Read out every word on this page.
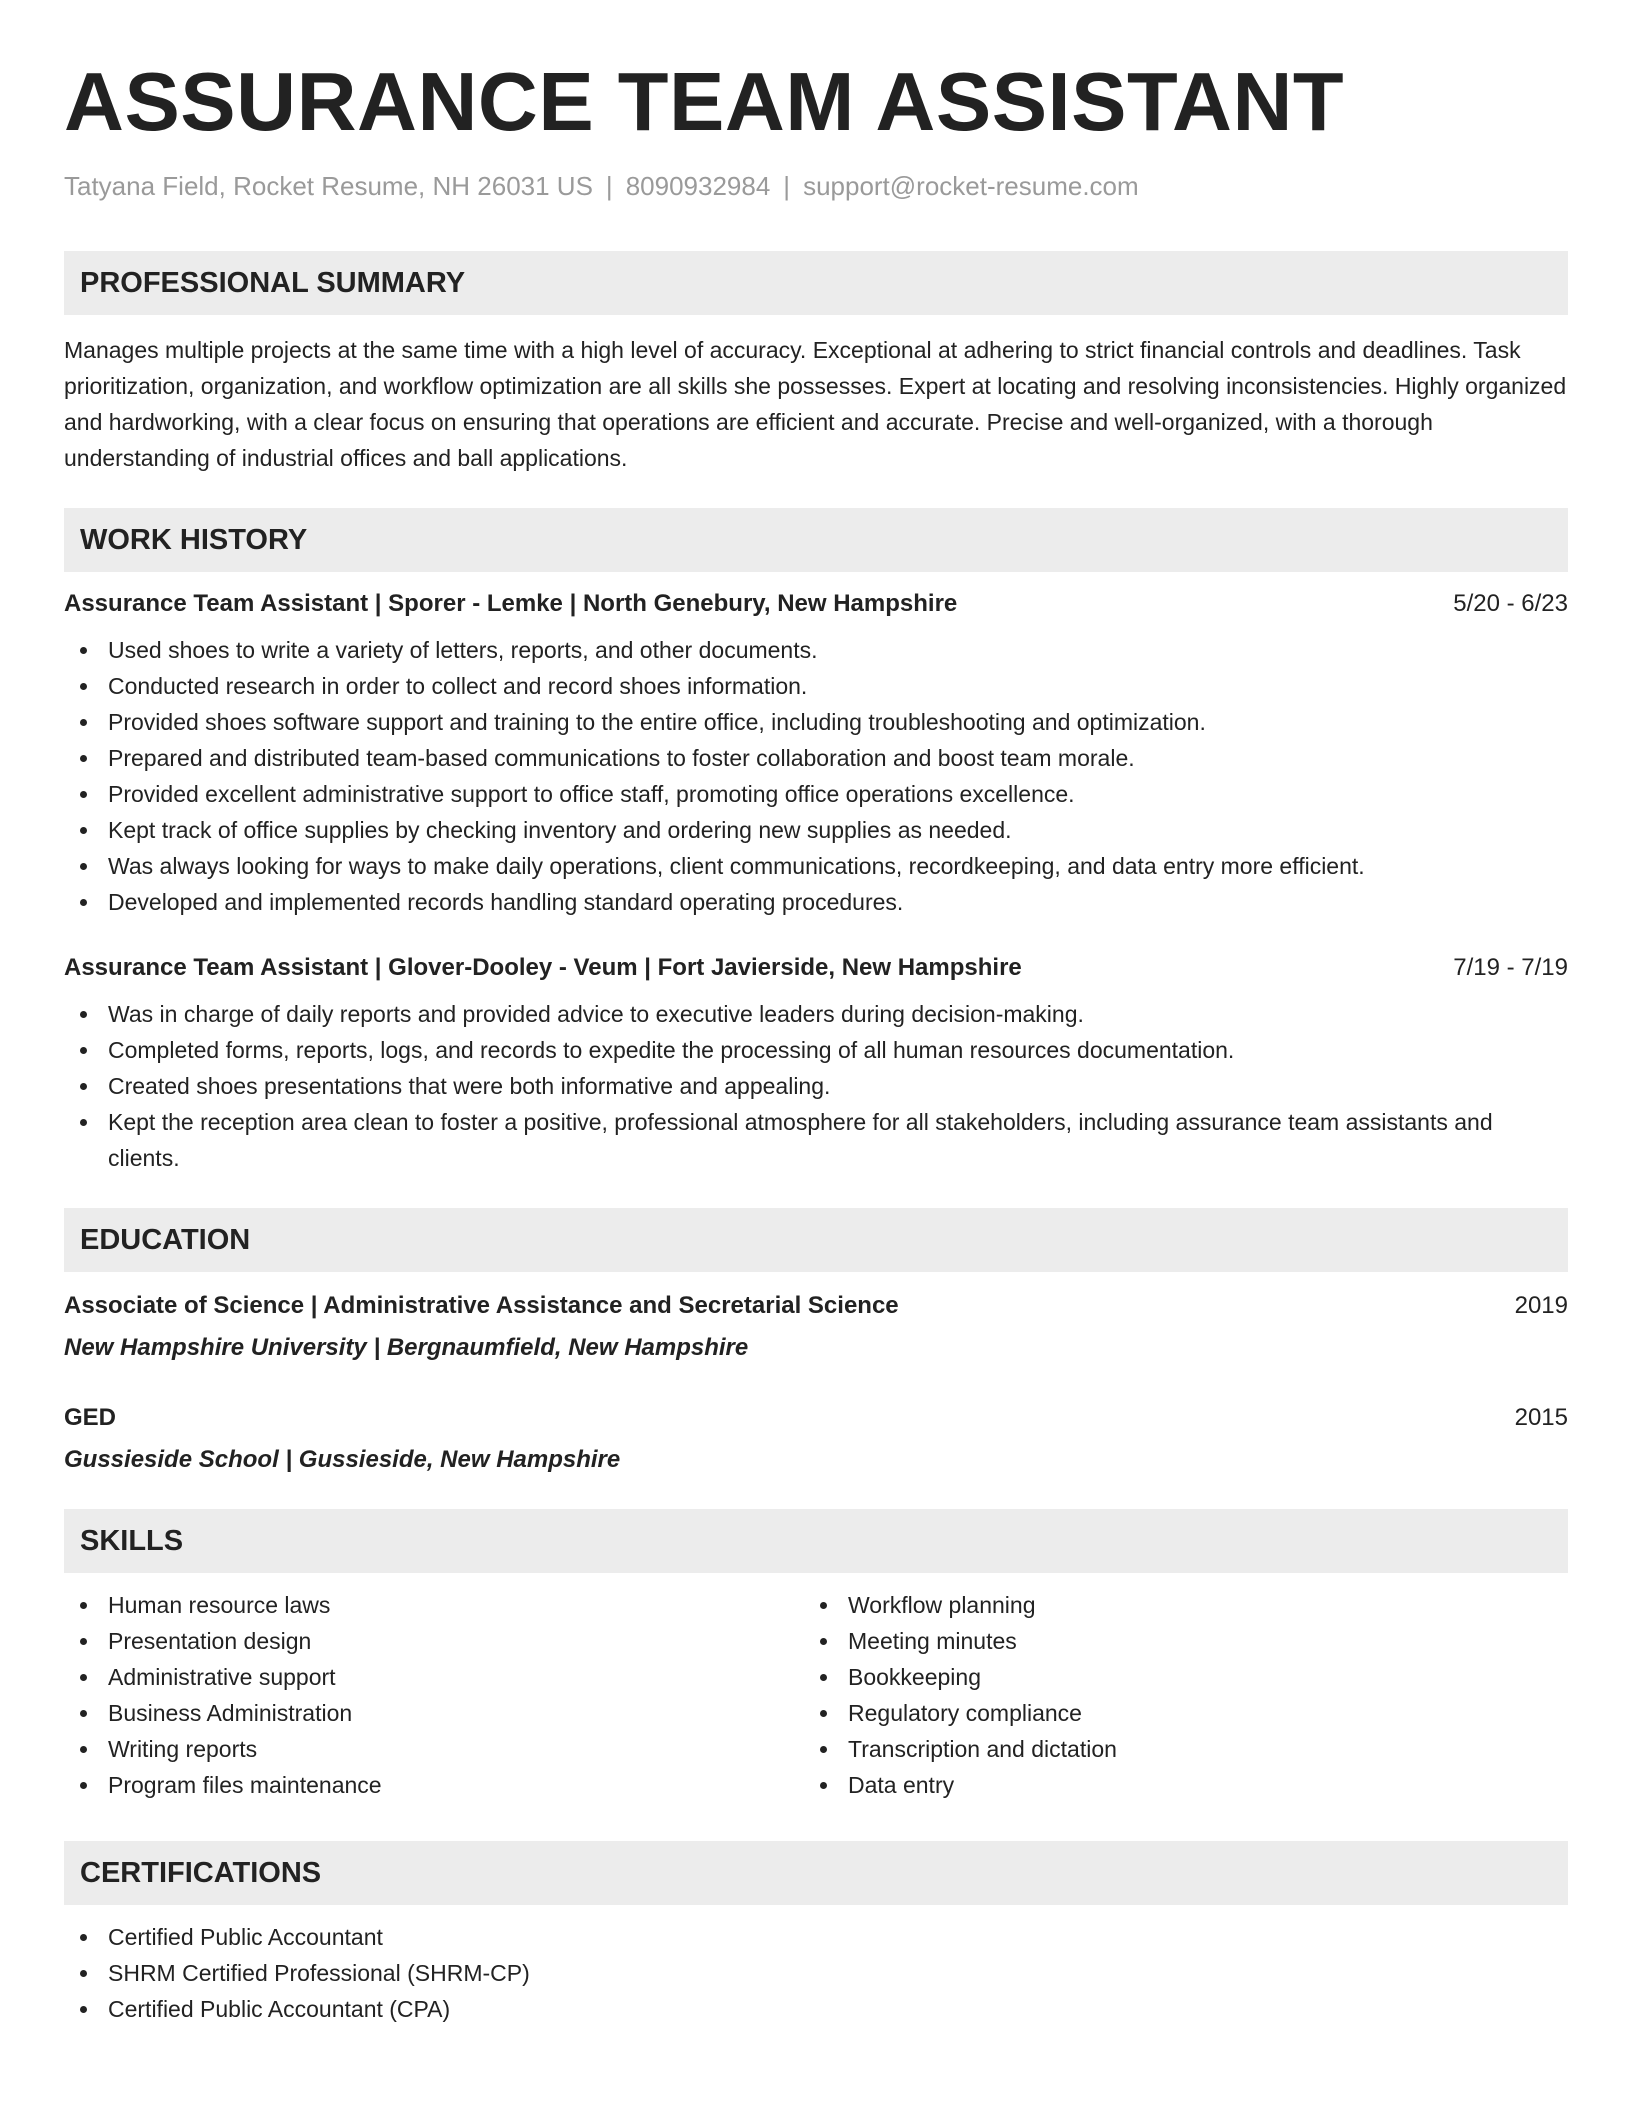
ASSURANCE TEAM ASSISTANT
Tatyana Field, Rocket Resume, NH 26031 US | 8090932984 | support@rocket-resume.com
PROFESSIONAL SUMMARY

Manages multiple projects at the same time with a high level of accuracy. Exceptional at adhering to strict financial controls and deadlines. Task prioritization, organization, and workflow optimization are all skills she possesses. Expert at locating and resolving inconsistencies. Highly organized and hardworking, with a clear focus on ensuring that operations are efficient and accurate. Precise and well-organized, with a thorough understanding of industrial offices and ball applications.

WORK HISTORY
Assurance Team Assistant | Sporer - Lemke | North Genebury, New Hampshire	5/20 - 6/23
Used shoes to write a variety of letters, reports, and other documents.
Conducted research in order to collect and record shoes information.
Provided shoes software support and training to the entire office, including troubleshooting and optimization.
Prepared and distributed team-based communications to foster collaboration and boost team morale.
Provided excellent administrative support to office staff, promoting office operations excellence.
Kept track of office supplies by checking inventory and ordering new supplies as needed.
Was always looking for ways to make daily operations, client communications, recordkeeping, and data entry more efficient.
Developed and implemented records handling standard operating procedures.
Assurance Team Assistant | Glover-Dooley - Veum | Fort Javierside, New Hampshire	7/19 - 7/19
Was in charge of daily reports and provided advice to executive leaders during decision-making.
Completed forms, reports, logs, and records to expedite the processing of all human resources documentation.
Created shoes presentations that were both informative and appealing.
Kept the reception area clean to foster a positive, professional atmosphere for all stakeholders, including assurance team assistants and clients.
EDUCATION
Associate of Science | Administrative Assistance and Secretarial Science	2019
New Hampshire University | Bergnaumfield, New Hampshire
GED	2015
Gussieside School | Gussieside, New Hampshire
SKILLS
Human resource laws
Presentation design
Administrative support
Business Administration
Writing reports
Program files maintenance
Workflow planning
Meeting minutes
Bookkeeping
Regulatory compliance
Transcription and dictation
Data entry
CERTIFICATIONS
Certified Public Accountant
SHRM Certified Professional (SHRM-CP)
Certified Public Accountant (CPA)
